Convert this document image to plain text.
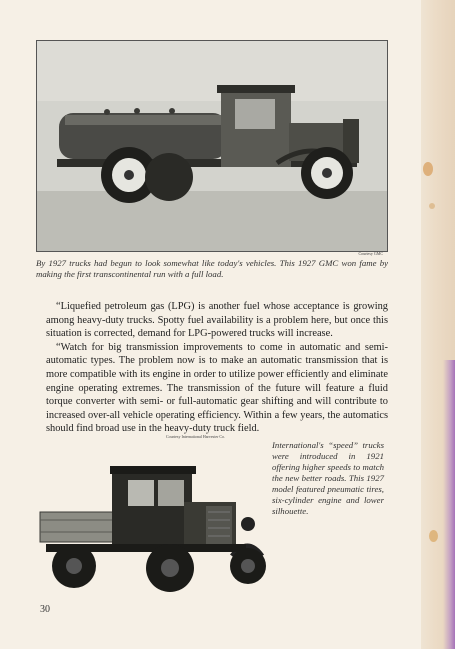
Courtesy GMC
By 1927 trucks had begun to look somewhat like today's vehicles. This 1927 GMC won fame by making the first transcontinental run with a full load.

“Liquefied petroleum gas (LPG) is another fuel whose acceptance is growing among heavy-duty trucks. Spotty fuel availability is a problem here, but once this situation is corrected, demand for LPG-powered trucks will increase.

“Watch for big transmission improvements to come in automatic and semi-automatic types. The problem now is to make an automatic transmission that is more compatible with its engine in order to utilize power efficiently and eliminate engine operating extremes. The transmission of the future will feature a fluid torque converter with semi- or full-automatic gear shifting and will contribute to increased over-all vehicle operating efficiency. Within a few years, the automatics should find broad use in the heavy-duty truck field.

Courtesy International Harvester Co.
International's “speed” trucks were introduced in 1921 offering higher speeds to match the new better roads. This 1927 model featured pneumatic tires, six-cylinder engine and lower silhouette.
30
